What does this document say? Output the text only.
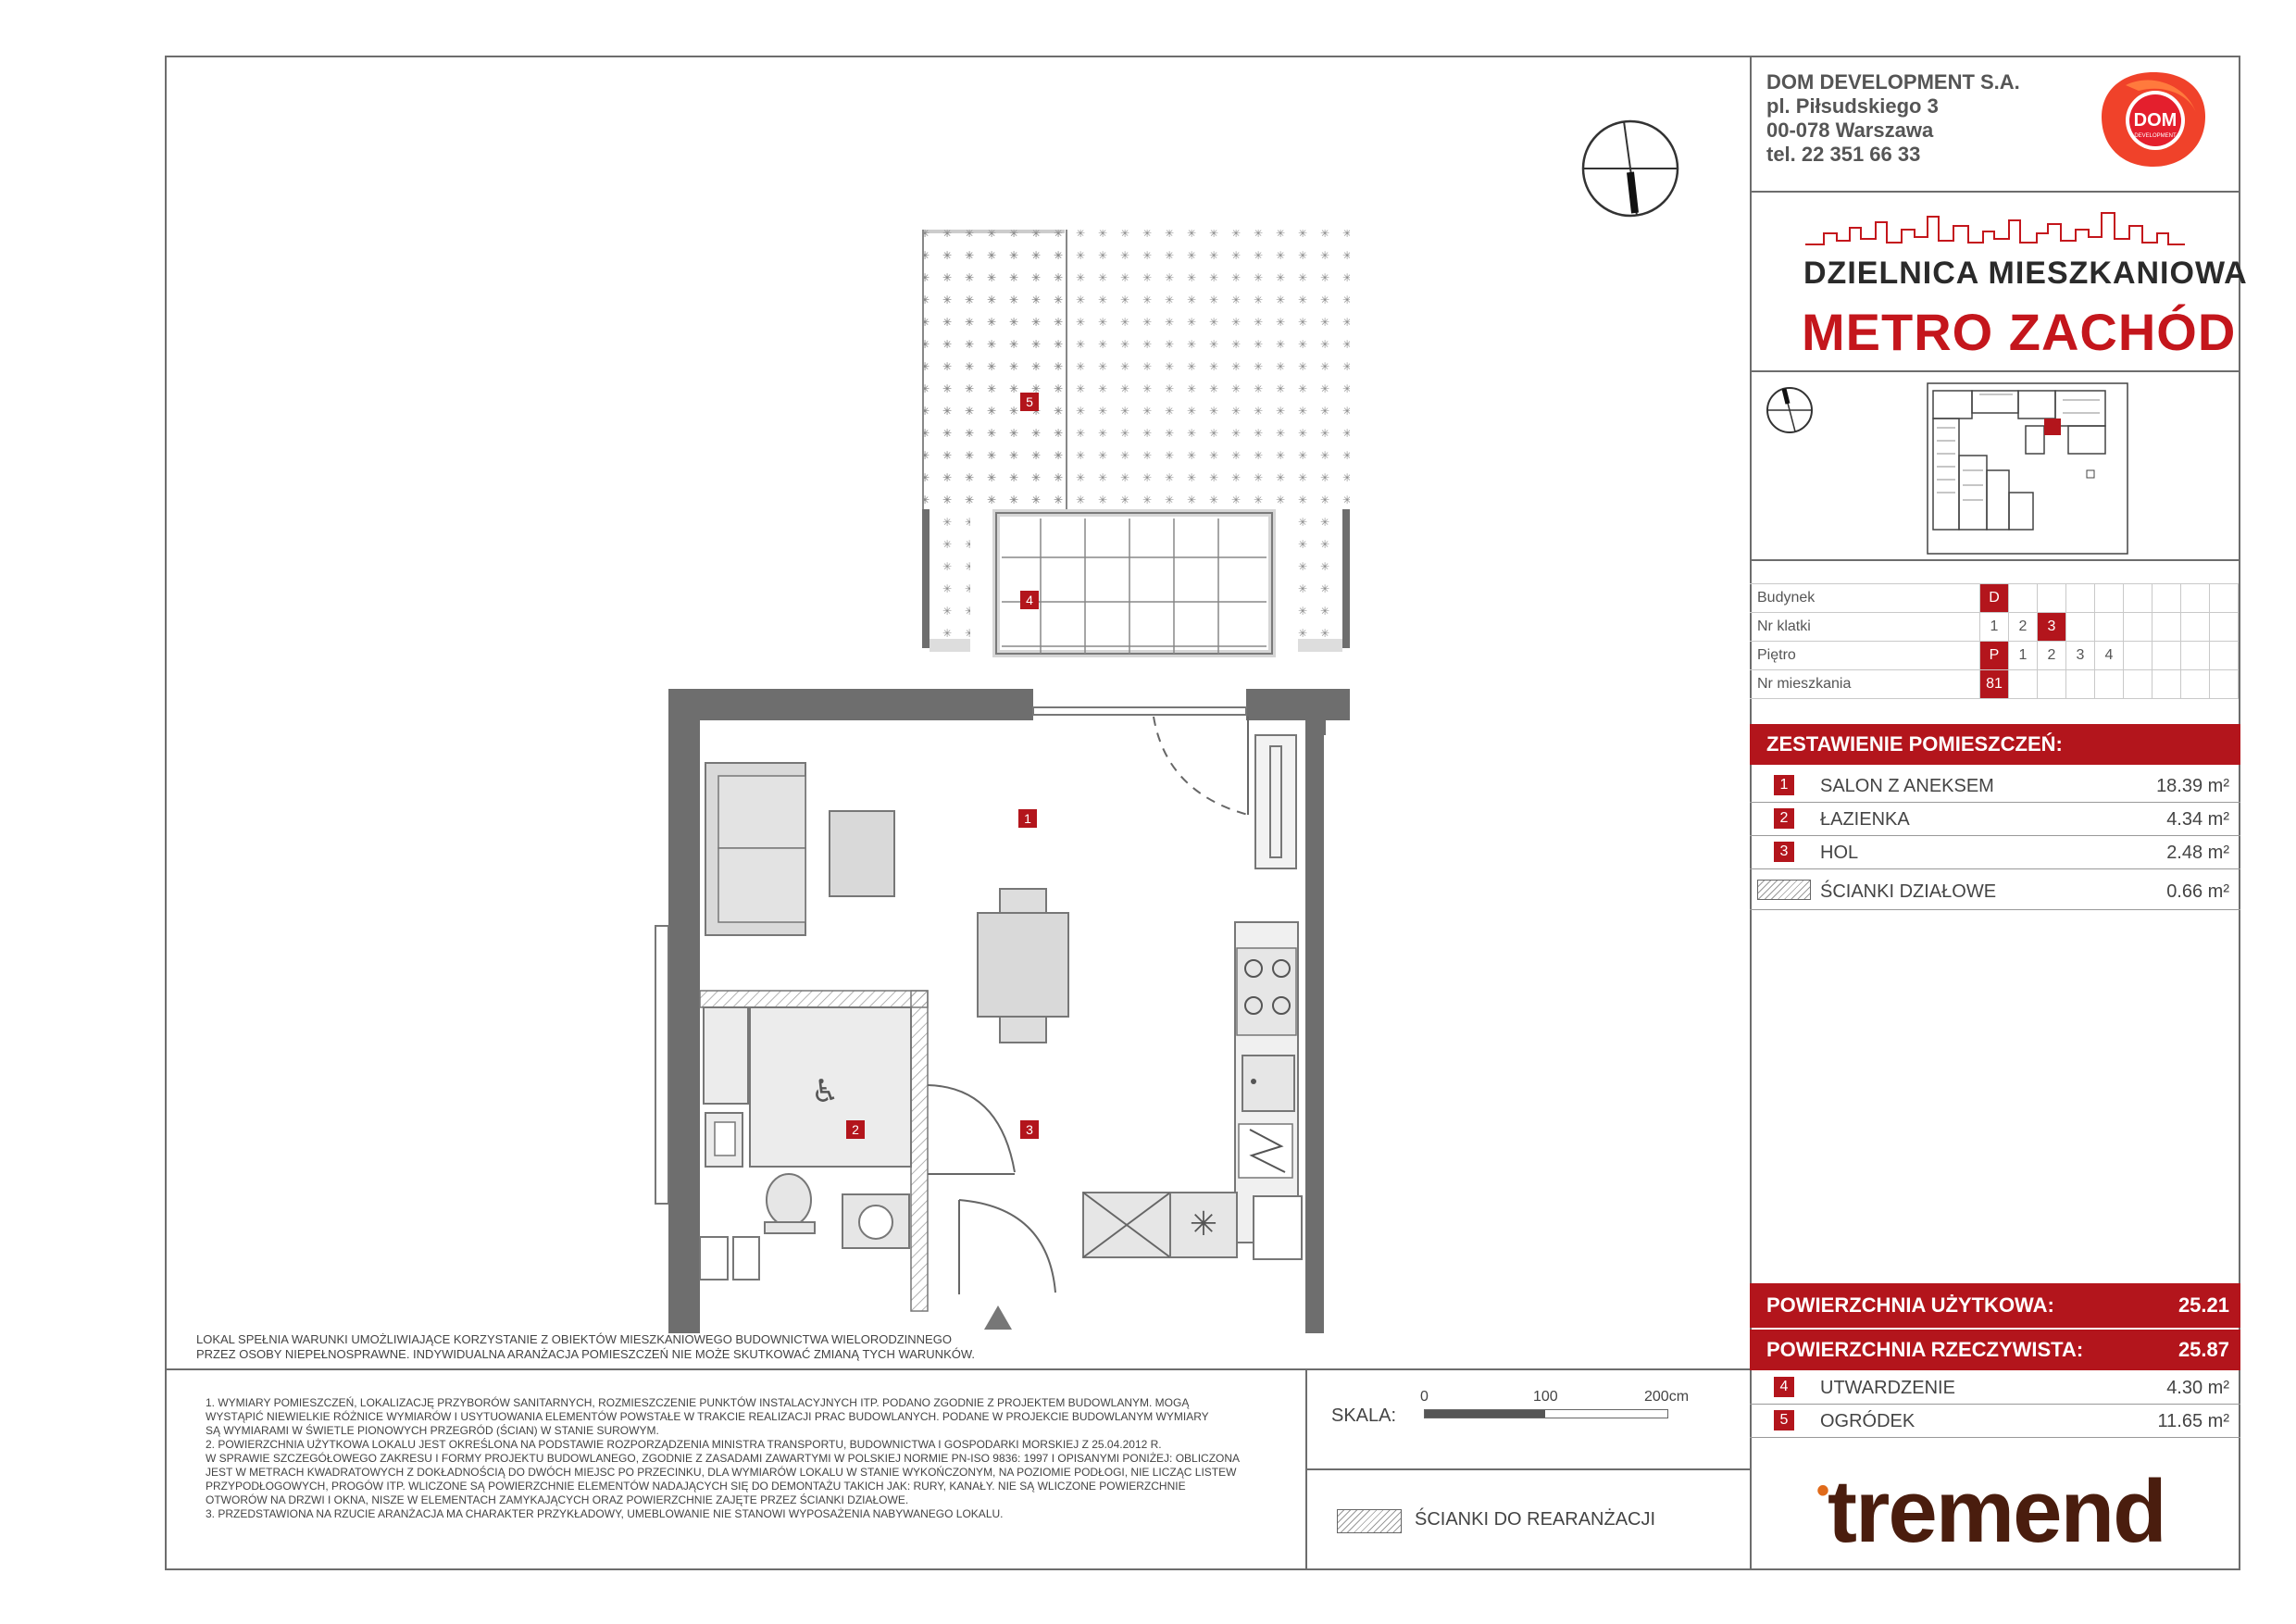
DOM DEVELOPMENT S.A.
pl. Piłsudskiego 3
00-078 Warszawa
tel. 22 351 66 33
DOM
DEVELOPMENT
DZIELNICA MIESZKANIOWA
METRO ZACHÓD
Budynek	D								
Nr klatki	1	2	3						
Piętro	P	1	2	3	4				
Nr mieszkania	81								
ZESTAWIENIE POMIESZCZEŃ:
1	SALON Z ANEKSEM	18.39 m²
2	ŁAZIENKA	4.34 m²
3	HOL	2.48 m²
ŚCIANKI DZIAŁOWE	0.66 m²
POWIERZCHNIA UŻYTKOWA:	25.21
POWIERZCHNIA RZECZYWISTA:	25.87
4	UTWARDZENIE	4.30 m²
5	OGRÓDEK	11.65 m²
•tremend
✳
♿
1
2	3
4
5
LOKAL SPEŁNIA WARUNKI UMOŻLIWIAJĄCE KORZYSTANIE Z OBIEKTÓW MIESZKANIOWEGO BUDOWNICTWA WIELORODZINNEGO
PRZEZ OSOBY NIEPEŁNOSPRAWNE. INDYWIDUALNA ARANŻACJA POMIESZCZEŃ NIE MOŻE SKUTKOWAĆ ZMIANĄ TYCH WARUNKÓW.
1. WYMIARY POMIESZCZEŃ, LOKALIZACJĘ PRZYBORÓW SANITARNYCH, ROZMIESZCZENIE PUNKTÓW INSTALACYJNYCH ITP. PODANO ZGODNIE Z PROJEKTEM BUDOWLANYM. MOGĄ
WYSTĄPIĆ NIEWIELKIE RÓŻNICE WYMIARÓW I USYTUOWANIA ELEMENTÓW POWSTAŁE W TRAKCIE REALIZACJI PRAC BUDOWLANYCH. PODANE W PROJEKCIE BUDOWLANYM WYMIARY
SĄ WYMIARAMI W ŚWIETLE PIONOWYCH PRZEGRÓD (ŚCIAN) W STANIE SUROWYM.
2. POWIERZCHNIA UŻYTKOWA LOKALU JEST OKREŚLONA NA PODSTAWIE ROZPORZĄDZENIA MINISTRA TRANSPORTU, BUDOWNICTWA I GOSPODARKI MORSKIEJ Z 25.04.2012 R.
W SPRAWIE SZCZEGÓŁOWEGO ZAKRESU I FORMY PROJEKTU BUDOWLANEGO, ZGODNIE Z ZASADAMI ZAWARTYMI W POLSKIEJ NORMIE PN-ISO 9836: 1997 I OPISANYMI PONIŻEJ: OBLICZONA
JEST W METRACH KWADRATOWYCH Z DOKŁADNOŚCIĄ DO DWÓCH MIEJSC PO PRZECINKU, DLA WYMIARÓW LOKALU W STANIE WYKOŃCZONYM, NA POZIOMIE PODŁOGI, NIE LICZĄC LISTEW
PRZYPODŁOGOWYCH, PROGÓW ITP. WLICZONE SĄ POWIERZCHNIE ELEMENTÓW NADAJĄCYCH SIĘ DO DEMONTAŻU TAKICH JAK: RURY, KANAŁY. NIE SĄ WLICZONE POWIERZCHNIE
OTWORÓW NA DRZWI I OKNA, NISZE W ELEMENTACH ZAMYKAJĄCYCH ORAZ POWIERZCHNIE ZAJĘTE PRZEZ ŚCIANKI DZIAŁOWE.
3. PRZEDSTAWIONA NA RZUCIE ARANŻACJA MA CHARAKTER PRZYKŁADOWY, UMEBLOWANIE NIE STANOWI WYPOSAŻENIA NABYWANEGO LOKALU.
SKALA:
0	100	200cm
ŚCIANKI DO REARANŻACJI
